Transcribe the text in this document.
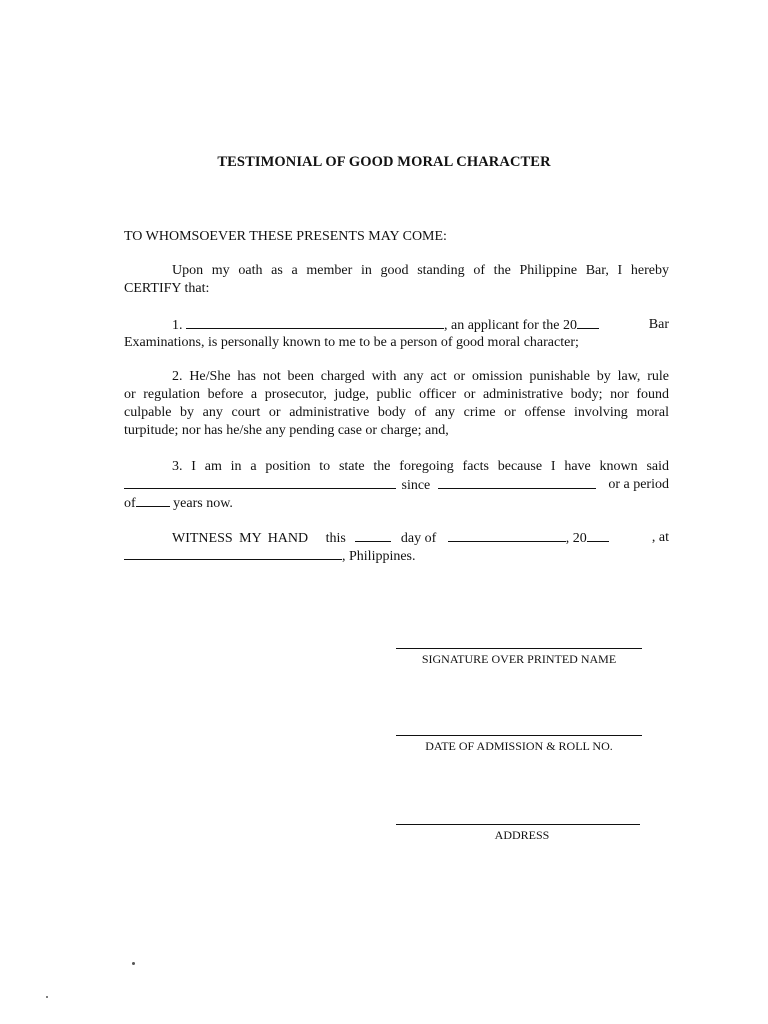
TESTIMONIAL OF GOOD MORAL CHARACTER
TO WHOMSOEVER THESE PRESENTS MAY COME:
Upon my oath as a member in good standing of the Philippine Bar, I hereby
CERTIFY that:
1.	, an applicant for the 20	Bar
Examinations, is personally known to me to be a person of good moral character;
2. He/She has not been charged with any act or omission punishable by law, rule
or regulation before a prosecutor, judge, public officer or administrative body; nor found
culpable by any court or administrative body of any crime or offense involving moral
turpitude; nor has he/she any pending case or charge; and,
3. I am in a position to state the foregoing facts because I have known said
since	or a period
of	years now.
WITNESS MY HAND this	day of	, 20	, at
, Philippines.
SIGNATURE OVER PRINTED NAME
DATE OF ADMISSION & ROLL NO.
ADDRESS
